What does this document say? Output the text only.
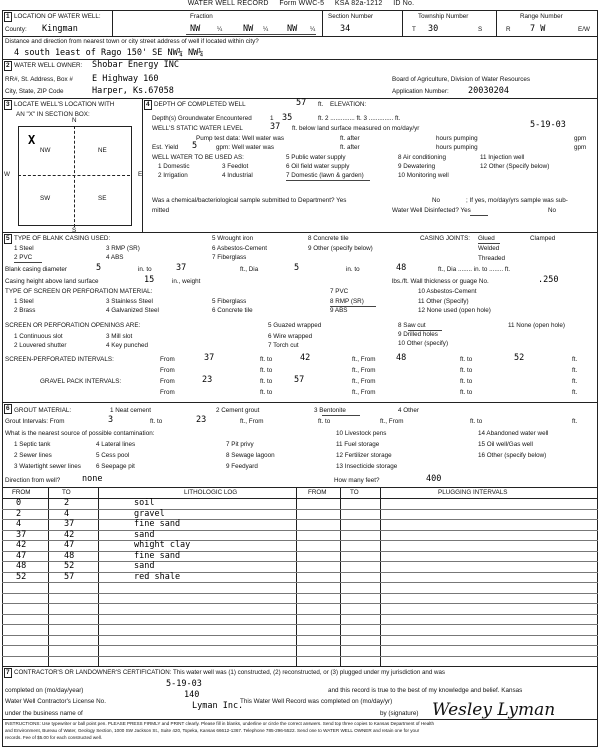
WATER WELL RECORD Form WWC-5 KSA 82a-1212 ID No.
1 LOCATION OF WATER WELL:
County: Kingman
Fraction
NW	¼ NW ¼ NW ¼
Section Number
34
Township Number
T 30	S
Range Number
R 7 W	E/W
Distance and direction from nearest town or city street address of well if located within city?
4 south 1east of Rago 150' SE NW¼ NW¼
2 WATER WELL OWNER: Shobar Energy INC
RR#, St. Address, Box # E Highway 160
City, State, ZIP Code	Harper, Ks.67058
Board of Agriculture, Division of Water Resources
Application Number: 20030204
3 LOCATE WELL'S LOCATION WITH
AN "X" IN SECTION BOX:
N
S
W	E
NW	NE
SW	SE
X
4 DEPTH OF COMPLETED WELL	57 ft. ELEVATION:
Depth(s) Groundwater Encountered	1 35	ft. 2 .............. ft. 3 .............. ft.
WELL'S STATIC WATER LEVEL	37 ft. below land surface measured on mo/day/yr	5-19-03
Pump test data: Well water was	ft. after	hours pumping	gpm
Est. Yield 5	gpm: Well water was	ft. after	hours pumping	gpm
WELL WATER TO BE USED AS:
1 Domestic	3 Feedlot
5 Public water supply	8 Air conditioning	11 Injection well
2 Irrigation	4 Industrial
6 Oil field water supply	9 Dewatering	12 Other (Specify below)
7 Domestic (lawn & garden)	10 Monitoring well
Was a chemical/bacteriological sample submitted to Department? Yes	No	; If yes, mo/day/yrs sample was sub-
mitted	Water Well Disinfected? Yes	No
5 TYPE OF BLANK CASING USED:
1 Steel
2 PVC
3 RMP (SR)
4 ABS
5 Wrought iron
6 Asbestos-Cement
7 Fiberglass
8 Concrete tile
9 Other (specify below)
CASING JOINTS: Glued	Clamped
Welded
Threaded
Blank casing diameter	5	in. to	37	ft., Dia	5	in. to	48	ft., Dia ........ in. to ........ ft.
Casing height above land surface	15	in., weight	lbs./ft. Wall thickness or guage No.	.250
TYPE OF SCREEN OR PERFORATION MATERIAL:
1 Steel
2 Brass
3 Stainless Steel
4 Galvanized Steel
5 Fiberglass
6 Concrete tile
7 PVC
8 RMP (SR)
9 ABS
10 Asbestos-Cement
11 Other (Specify)
12 None used (open hole)
SCREEN OR PERFORATION OPENINGS ARE:
1 Continuous slot
2 Louvered shutter
3 Mill slot
4 Key punched
5 Guazed wrapped
6 Wire wrapped
7 Torch cut
8 Saw cut
9 Drilled holes
10 Other (specify)
11 None (open hole)
SCREEN-PERFORATED INTERVALS:	From	37	ft. to	42	ft., From 48	ft. to	52	ft.
From	ft. to	ft., From	ft. to	ft.
GRAVEL PACK INTERVALS:	From	23	ft. to	57	ft., From	ft. to	ft.
From	ft. to	ft., From	ft. to	ft.
6 GROUT MATERIAL:	1 Neat cement	2 Cement grout	3 Bentonite	4 Other
Grout Intervals: From	3	ft. to	23	ft., From	ft. to	ft., From	ft. to	ft.
What is the nearest source of possible contamination:
1 Septic tank	4 Lateral lines	7 Pit privy
10 Livestock pens	14 Abandoned water well
2 Sewer lines	5 Cess pool	8 Sewage lagoon
11 Fuel storage	15 Oil well/Gas well
3 Watertight sewer lines 6 Seepage pit	9 Feedyard
12 Fertilizer storage	16 Other (specify below)
13 Insecticide storage
Direction from well?	none	How many feet?	400
FROM	TO	LITHOLOGIC LOG	FROM	TO	PLUGGING INTERVALS
0	2	soil
2	4	gravel
4	37	fine sand
37	42	sand
42	47	whight clay
47	48	fine sand
48	52	sand
52	57	red shale
7 CONTRACTOR'S OR LANDOWNER'S CERTIFICATION: This water well was (1) constructed, (2) reconstructed, or (3) plugged under my jurisdiction and was
completed on (mo/day/year)
5-19-03
and this record is true to the best of my knowledge and belief. Kansas
Water Well Contractor's License No.
140
This Water Well Record was completed on (mo/day/yr)
under the business name of
Lyman Inc.
by (signature) Wesley Lyman
INSTRUCTIONS: Use typewriter or ball point pen. PLEASE PRESS FIRMLY and PRINT clearly. Please fill in blanks, underline or circle the correct answers. Send top three copies to Kansas Department of Health
and Environment, Bureau of Water, Geology Section, 1000 SW Jackson St., Suite 420, Topeka, Kansas 66612-1367. Telephone 785-296-5522. Send one to WATER WELL OWNER and retain one for your
records. Fee of $5.00 for each constructed well.
